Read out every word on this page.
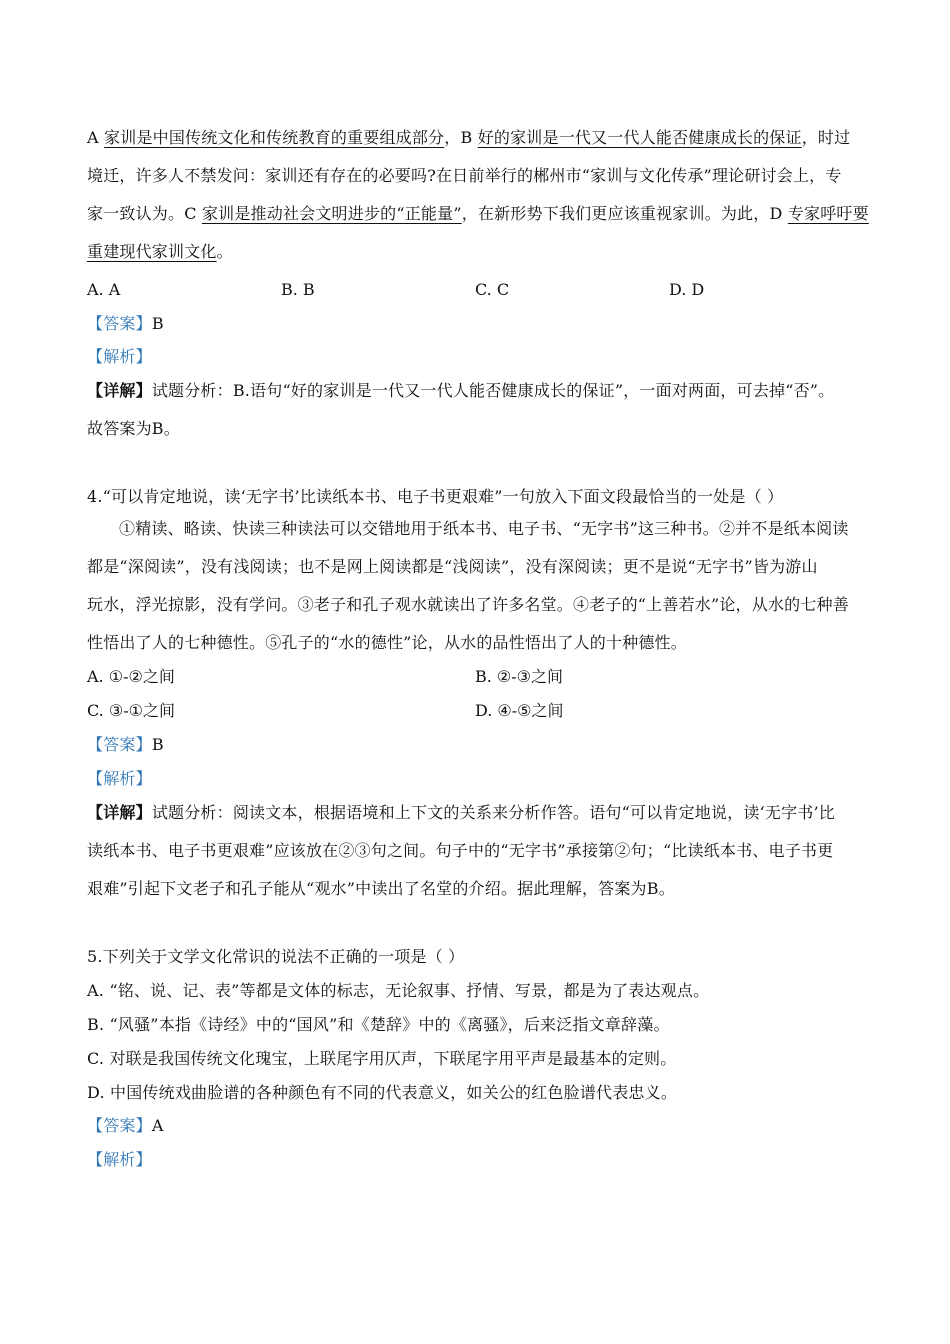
A 家训是中国传统文化和传统教育的重要组成部分，B 好的家训是一代又一代人能否健康成长的保证，时过
境迁，许多人不禁发问：家训还有存在的必要吗?在日前举行的郴州市“家训与文化传承”理论研讨会上，专
家一致认为。C 家训是推动社会文明进步的“正能量”，在新形势下我们更应该重视家训。为此，D 专家呼吁要
重建现代家训文化。
A. A	B. B	C. C	D. D
【答案】B
【解析】
【详解】试题分析：B.语句“好的家训是一代又一代人能否健康成长的保证”，一面对两面，可去掉“否”。
故答案为B。
4.“可以肯定地说，读‘无字书’比读纸本书、电子书更艰难”一句放入下面文段最恰当的一处是（ ）
①精读、略读、快读三种读法可以交错地用于纸本书、电子书、“无字书”这三种书。②并不是纸本阅读
都是“深阅读”，没有浅阅读；也不是网上阅读都是“浅阅读”，没有深阅读；更不是说“无字书”皆为游山
玩水，浮光掠影，没有学问。③老子和孔子观水就读出了许多名堂。④老子的“上善若水”论，从水的七种善
性悟出了人的七种德性。⑤孔子的“水的德性”论，从水的品性悟出了人的十种德性。
A. ①-②之间	B. ②-③之间
C. ③-①之间	D. ④-⑤之间
【答案】B
【解析】
【详解】试题分析：阅读文本，根据语境和上下文的关系来分析作答。语句“可以肯定地说，读‘无字书’比
读纸本书、电子书更艰难”应该放在②③句之间。句子中的“无字书”承接第②句；“比读纸本书、电子书更
艰难”引起下文老子和孔子能从“观水”中读出了名堂的介绍。据此理解，答案为B。
5.下列关于文学文化常识的说法不正确的一项是（ ）
A. “铭、说、记、表”等都是文体的标志，无论叙事、抒情、写景，都是为了表达观点。
B. “风骚”本指《诗经》中的“国风”和《楚辞》中的《离骚》，后来泛指文章辞藻。
C. 对联是我国传统文化瑰宝，上联尾字用仄声，下联尾字用平声是最基本的定则。
D. 中国传统戏曲脸谱的各种颜色有不同的代表意义，如关公的红色脸谱代表忠义。
【答案】A
【解析】
